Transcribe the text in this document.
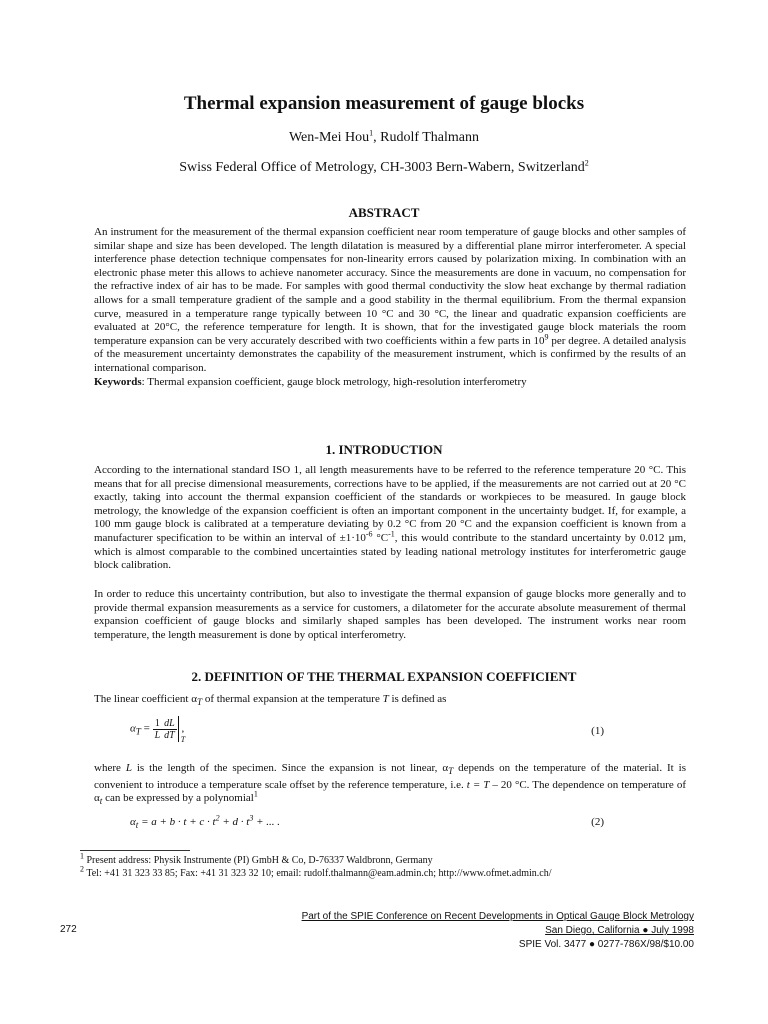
Thermal expansion measurement of gauge blocks
Wen-Mei Hou$^1$, Rudolf Thalmann
Swiss Federal Office of Metrology, CH-3003 Bern-Wabern, Switzerland$^2$
ABSTRACT

An instrument for the measurement of the thermal expansion coefficient near room temperature of gauge blocks and other samples of similar shape and size has been developed. The length dilatation is measured by a differential plane mirror interferometer. A special interference phase detection technique compensates for non-linearity errors caused by polarization mixing. In combination with an electronic phase meter this allows to achieve nanometer accuracy. Since the measurements are done in vacuum, no compensation for the refractive index of air has to be made. For samples with good thermal conductivity the slow heat exchange by thermal radiation allows for a small temperature gradient of the sample and a good stability in the thermal equilibrium. From the thermal expansion curve, measured in a temperature range typically between 10 °C and 30 °C, the linear and quadratic expansion coefficients are evaluated at 20°C, the reference temperature for length. It is shown, that for the investigated gauge block materials the room temperature expansion can be very accurately described with two coefficients within a few parts in $10^9$ per degree. A detailed analysis of the measurement uncertainty demonstrates the capability of the measurement instrument, which is confirmed by the results of an international comparison.
Keywords: Thermal expansion coefficient, gauge block metrology, high-resolution interferometry

1. INTRODUCTION

According to the international standard ISO 1, all length measurements have to be referred to the reference temperature 20 °C. This means that for all precise dimensional measurements, corrections have to be applied, if the measurements are not carried out at 20 °C exactly, taking into account the thermal expansion coefficient of the standards or workpieces to be measured. In gauge block metrology, the knowledge of the expansion coefficient is often an important component in the uncertainty budget. If, for example, a 100 mm gauge block is calibrated at a temperature deviating by 0.2 °C from 20 °C and the expansion coefficient is known from a manufacturer specification to be within an interval of $\pm 1\cdot 10^{-6}$ $^\circ C^{-1}$, this would contribute to the standard uncertainty by 0.012 µm, which is almost comparable to the combined uncertainties stated by leading national metrology institutes for interferometric gauge block calibration.

In order to reduce this uncertainty contribution, but also to investigate the thermal expansion of gauge blocks more generally and to provide thermal expansion measurements as a service for customers, a dilatometer for the accurate absolute measurement of thermal expansion coefficient of gauge blocks and similarly shaped samples has been developed. The instrument works near room temperature, the length measurement is done by optical interferometry.

2. DEFINITION OF THE THERMAL EXPANSION COEFFICIENT

The linear coefficient $\alpha_T$ of thermal expansion at the temperature T is defined as

$\alpha_T = \frac{1}{L} \frac{dL}{dT}$ T
,	(1)

where L is the length of the specimen. Since the expansion is not linear, $\alpha_T$ depends on the temperature of the material. It is convenient to introduce a temperature scale offset by the reference temperature, i.e. t = T – 20 °C. The dependence on temperature of $\alpha_t$ can be expressed by a polynomial$^1$

$\alpha_t = a + b \cdot t + c \cdot t^2 + d \cdot t^3$ + ... .	(2)
$^1$ Present address: Physik Instrumente (PI) GmbH & Co, D-76337 Waldbronn, Germany
$^2$ Tel: +41 31 323 33 85; Fax: +41 31 323 32 10; email: rudolf.thalmann@eam.admin.ch; http://www.ofmet.admin.ch/
272
Part of the SPIE Conference on Recent Developments in Optical Gauge Block Metrology
San Diego, California ● July 1998
SPIE Vol. 3477 ● 0277-786X/98/$10.00
